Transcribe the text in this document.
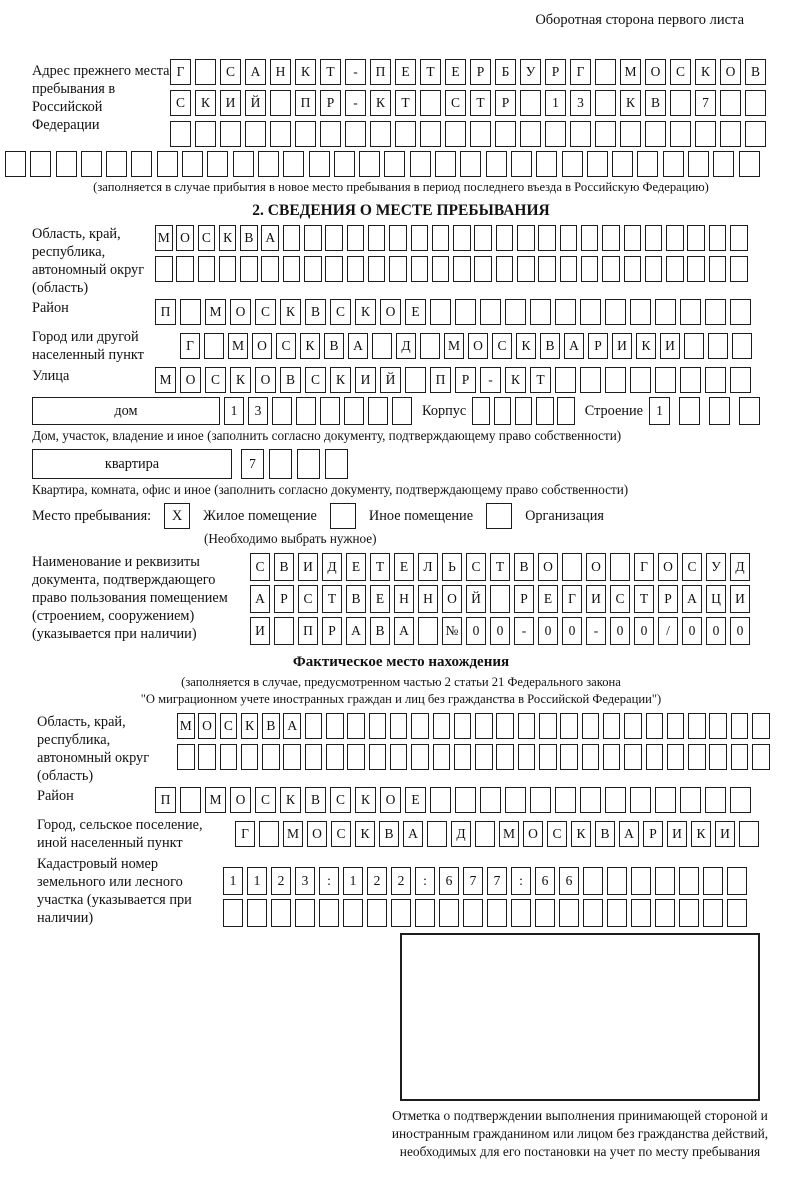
Оборотная сторона первого листа
Адрес прежнего места пребывания в Российской Федерации
Г	С	А	Н	К	Т	-	П	Е	Т	Е	Р	Б	У	Р	Г	М	О	С	К	О	В
С	К	И	Й	П	Р	-	К	Т	С	Т	Р	1	3	К	В	7
(заполняется в случае прибытия в новое место пребывания в период последнего въезда в Российскую Федерацию)
2. СВЕДЕНИЯ О МЕСТЕ ПРЕБЫВАНИЯ
Область, край, республика, автономный округ (область)
М О С К В А
Район	П	М	О	С	К	В	С	К	О	Е
Город или другой населенный пункт
Г	М О	С	К	В	А	Д	М О	С	К	В	А	Р	И	К	И
Улица	М	О	С	К	О	В	С	К	И	Й	П	Р	-	К	Т
дом	1	3	Корпус	Строение 1
Дом, участок, владение и иное (заполнить согласно документу, подтверждающему право собственности)
квартира	7
Квартира, комната, офис и иное (заполнить согласно документу, подтверждающему право собственности)
Место пребывания:	X	Жилое помещение	Иное помещение	Организация
(Необходимо выбрать нужное)
Наименование и реквизиты документа, подтверждающего право пользования помещением (строением, сооружением) (указывается при наличии)
С	В	И	Д	Е	Т	Е	Л	Ь	С	Т	В	О	О	Г	О	С	У	Д
А	Р	С	Т	В	Е	Н	Н	О	Й	Р	Е	Г	И	С	Т	Р	А	Ц	И
И	П	Р	А	В	А	№	0	0	-	0	0	-	0	0	/	0	0	0
Фактическое место нахождения
(заполняется в случае, предусмотренном частью 2 статьи 21 Федерального закона
"О миграционном учете иностранных граждан и лиц без гражданства в Российской Федерации")
Область, край, республика, автономный округ (область)
М О С К В А
Район	П	М	О	С	К	В	С	К	О	Е
Город, сельское поселение, иной населенный пункт
Г	М О	С	К	В	А	Д	М О	С	К	В	А	Р	И	К	И
Кадастровый номер земельного или лесного участка (указывается при наличии)
1	1	2	3	:	1	2	2	:	6	7	7	:	6	6
Отметка о подтверждении выполнения принимающей стороной и иностранным гражданином или лицом без гражданства действий, необходимых для его постановки на учет по месту пребывания
